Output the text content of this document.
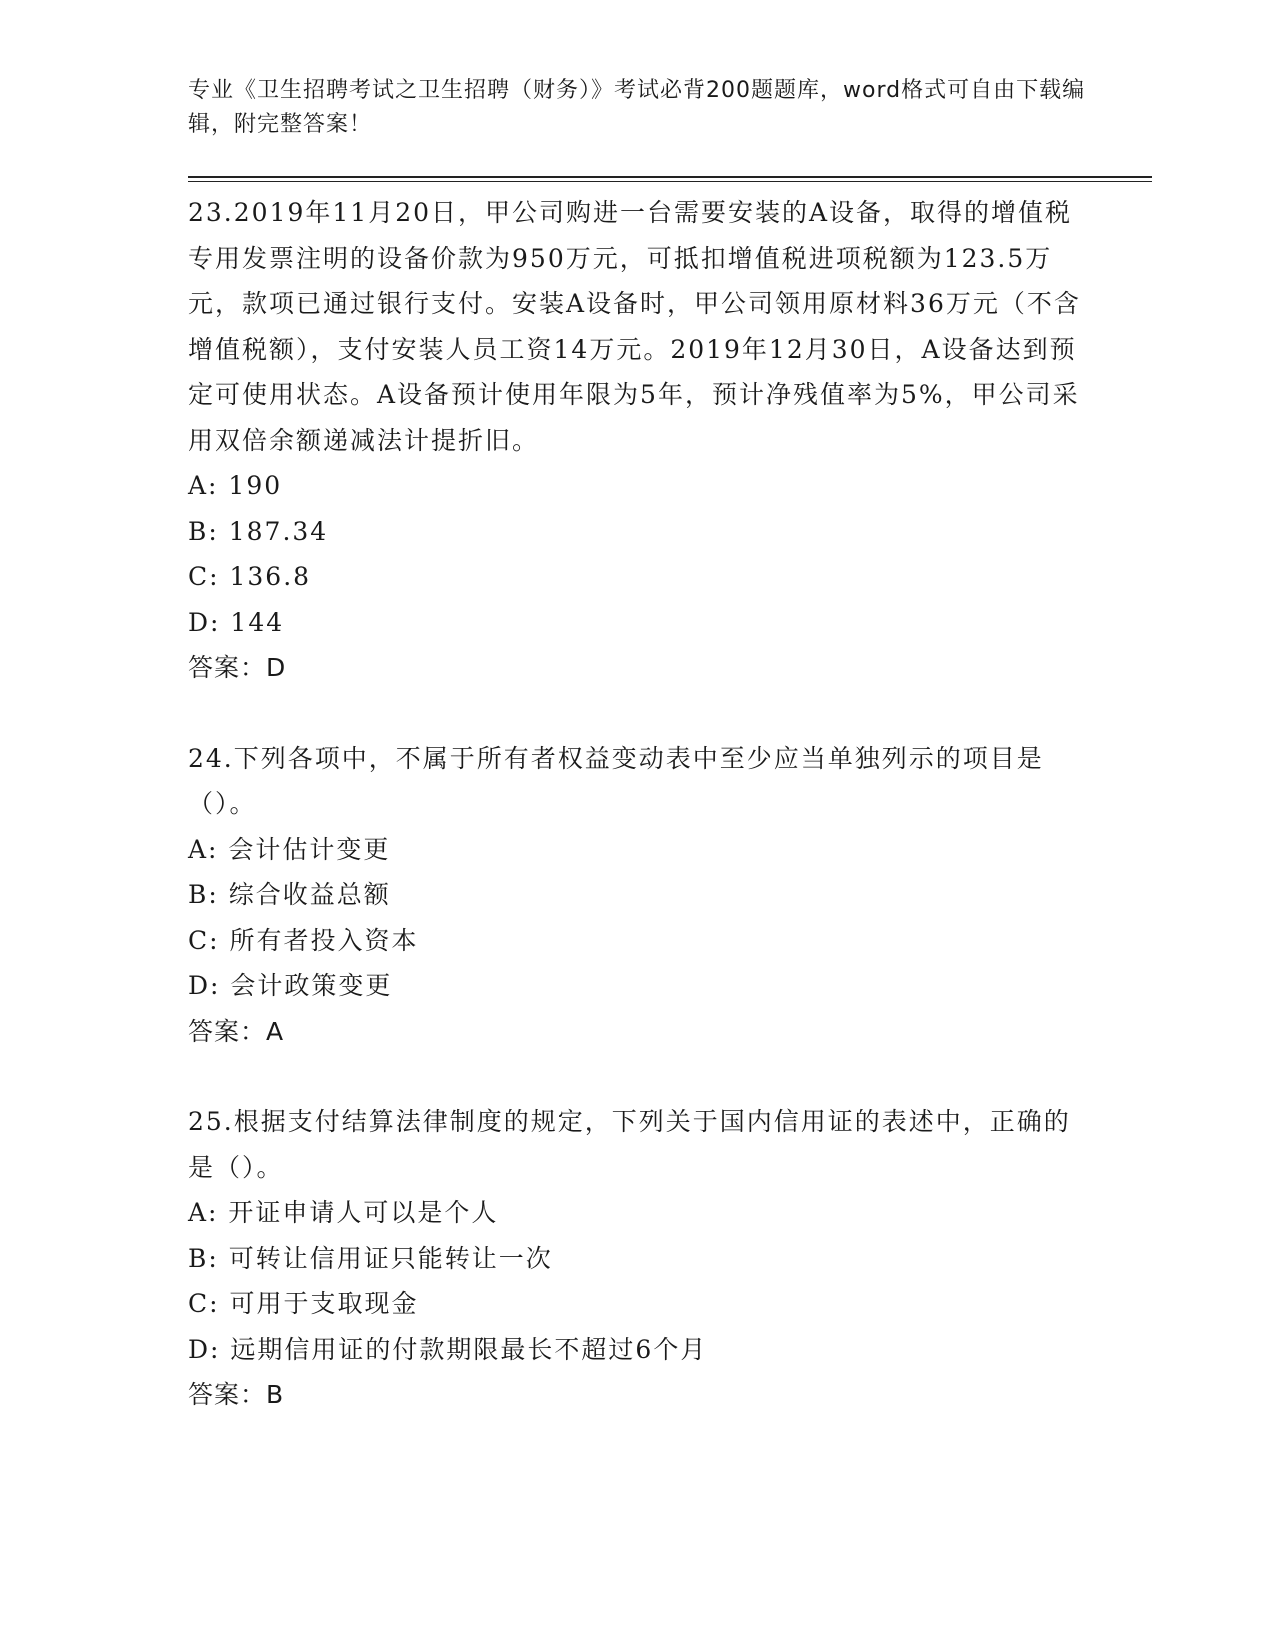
专业《卫生招聘考试之卫生招聘（财务）》考试必背200题题库，word格式可自由下载编辑，附完整答案！

23.2019年11月20日，甲公司购进一台需要安装的A设备，取得的增值税专用发票注明的设备价款为950万元，可抵扣增值税进项税额为123.5万元，款项已通过银行支付。安装A设备时，甲公司领用原材料36万元（不含增值税额），支付安装人员工资14万元。2019年12月30日，A设备达到预定可使用状态。A设备预计使用年限为5年，预计净残值率为5%，甲公司采用双倍余额递减法计提折旧。

A: 190

B: 187.34

C: 136.8

D: 144

答案：D

24.下列各项中，不属于所有者权益变动表中至少应当单独列示的项目是（）。

A: 会计估计变更

B: 综合收益总额

C: 所有者投入资本

D: 会计政策变更

答案：A

25.根据支付结算法律制度的规定，下列关于国内信用证的表述中，正确的是（）。

A: 开证申请人可以是个人

B: 可转让信用证只能转让一次

C: 可用于支取现金

D: 远期信用证的付款期限最长不超过6个月

答案：B
